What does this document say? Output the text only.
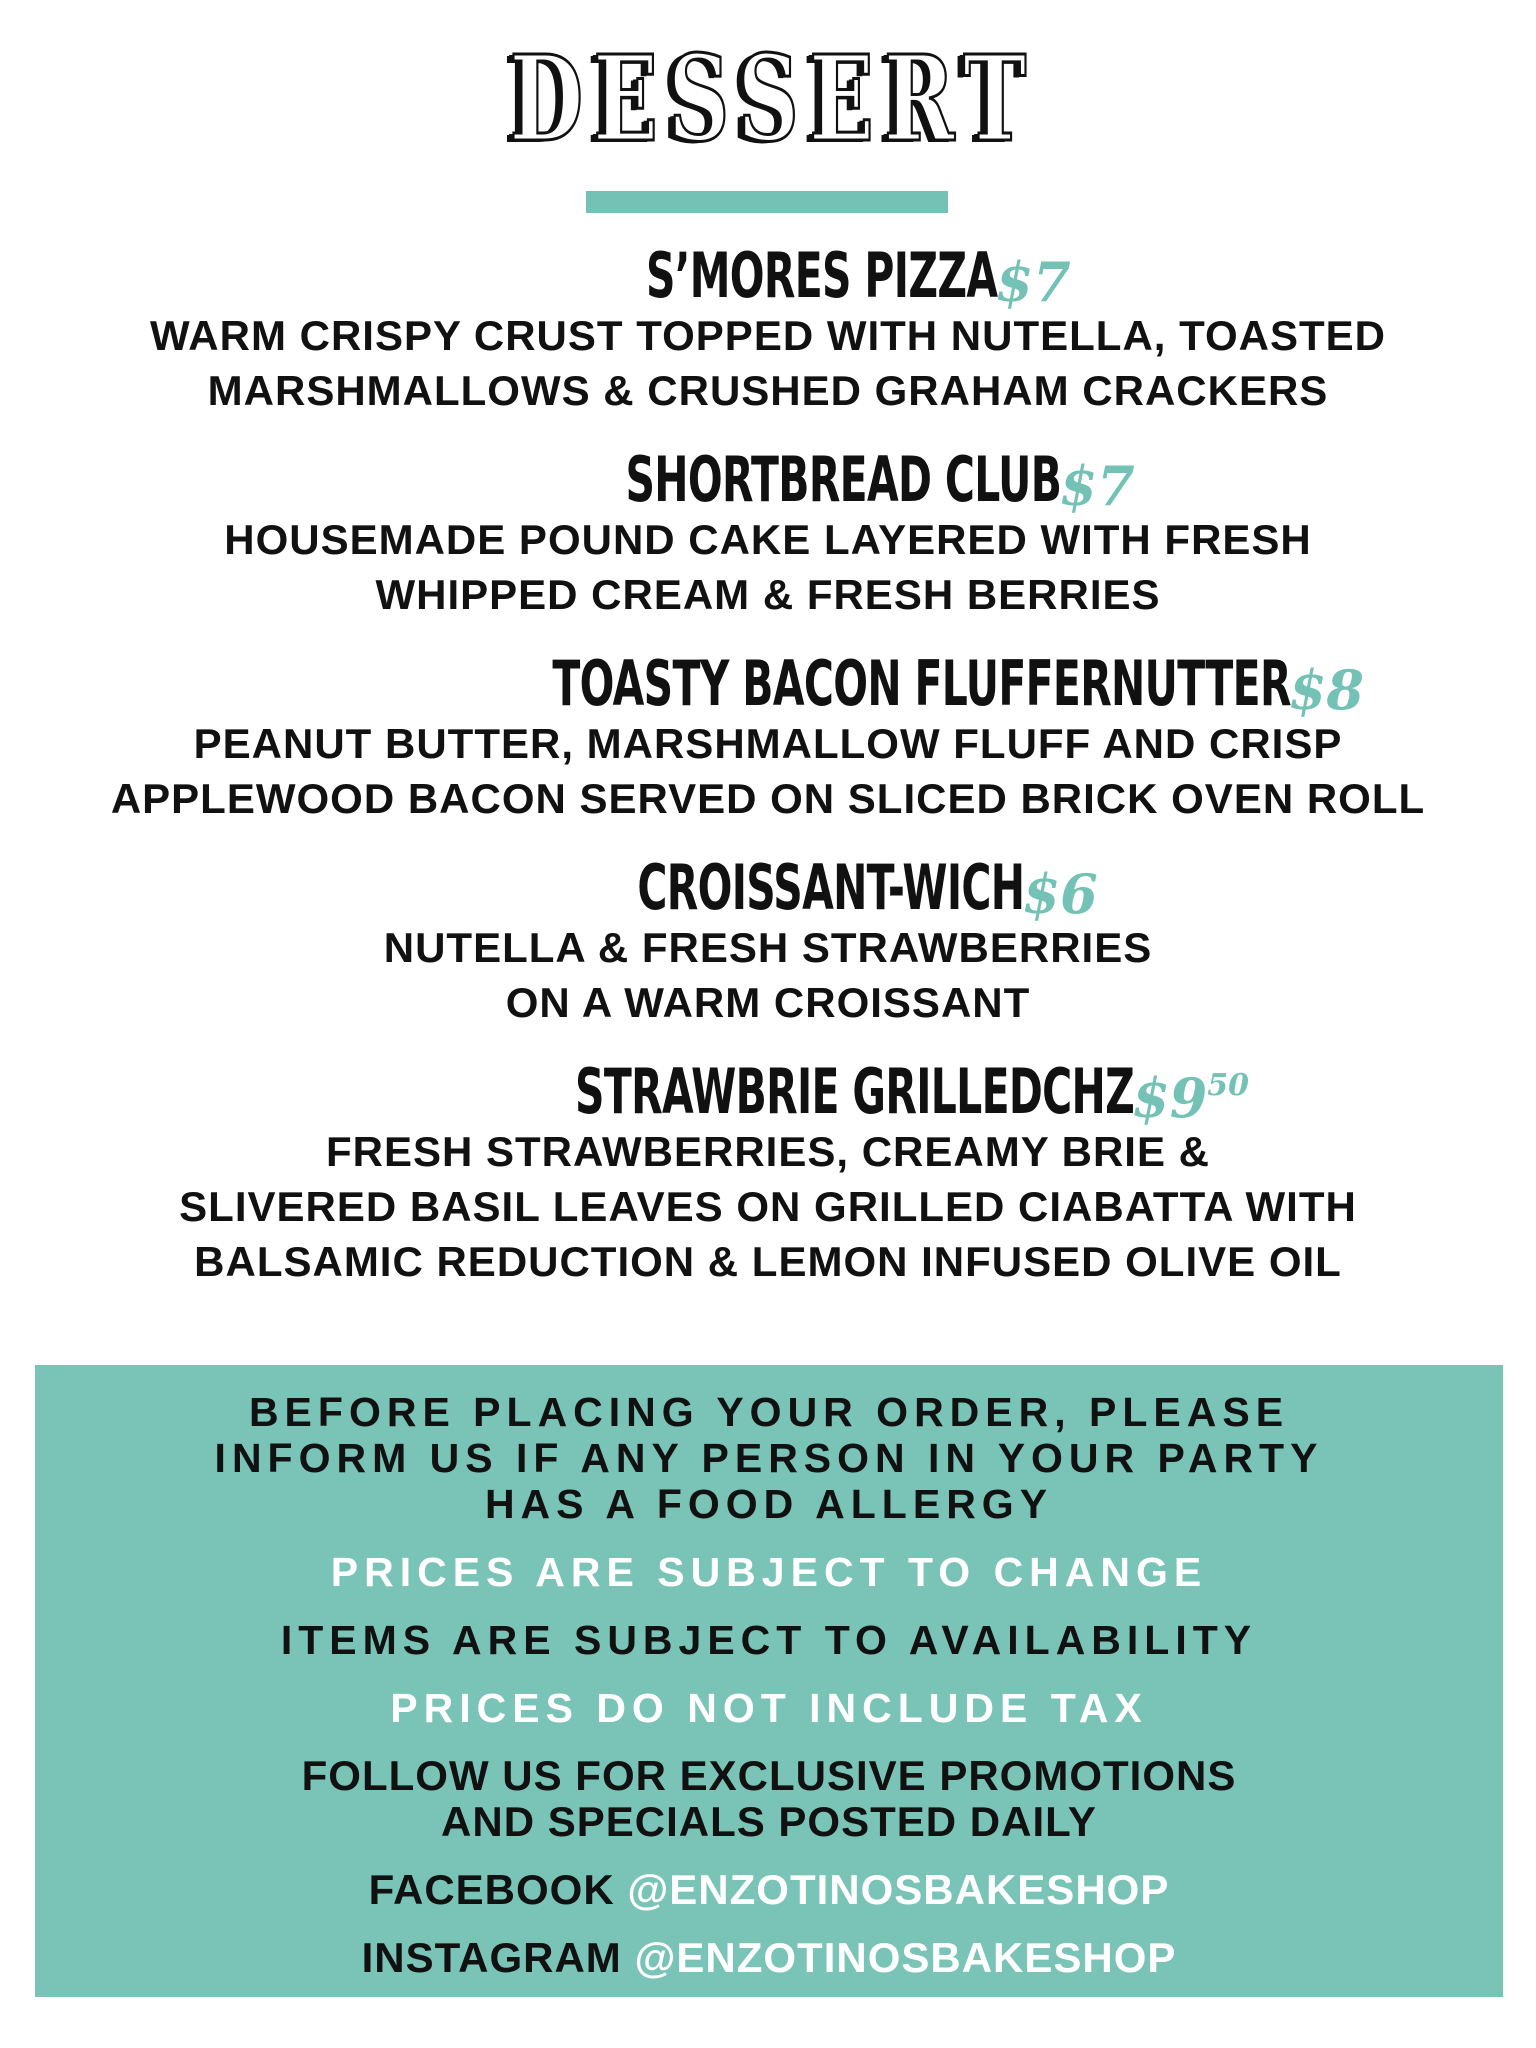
DESSERT
S’MORES PIZZA$7
WARM CRISPY CRUST TOPPED WITH NUTELLA, TOASTED
MARSHMALLOWS & CRUSHED GRAHAM CRACKERS
SHORTBREAD CLUB$7
HOUSEMADE POUND CAKE LAYERED WITH FRESH
WHIPPED CREAM & FRESH BERRIES
TOASTY BACON FLUFFERNUTTER$8
PEANUT BUTTER, MARSHMALLOW FLUFF AND CRISP
APPLEWOOD BACON SERVED ON SLICED BRICK OVEN ROLL
CROISSANT-WICH$6
NUTELLA & FRESH STRAWBERRIES
ON A WARM CROISSANT
STRAWBRIE $GRILLEDCHZ\$9^{50}$
FRESH STRAWBERRIES, CREAMY BRIE &
SLIVERED BASIL LEAVES ON GRILLED CIABATTA WITH
BALSAMIC REDUCTION & LEMON INFUSED OLIVE OIL
BEFORE PLACING YOUR ORDER, PLEASE
INFORM US IF ANY PERSON IN YOUR PARTY
HAS A FOOD ALLERGY
PRICES ARE SUBJECT TO CHANGE
ITEMS ARE SUBJECT TO AVAILABILITY
PRICES DO NOT INCLUDE TAX
FOLLOW US FOR EXCLUSIVE PROMOTIONS
AND SPECIALS POSTED DAILY
FACEBOOK @ENZOTINOSBAKESHOP
INSTAGRAM @ENZOTINOSBAKESHOP
